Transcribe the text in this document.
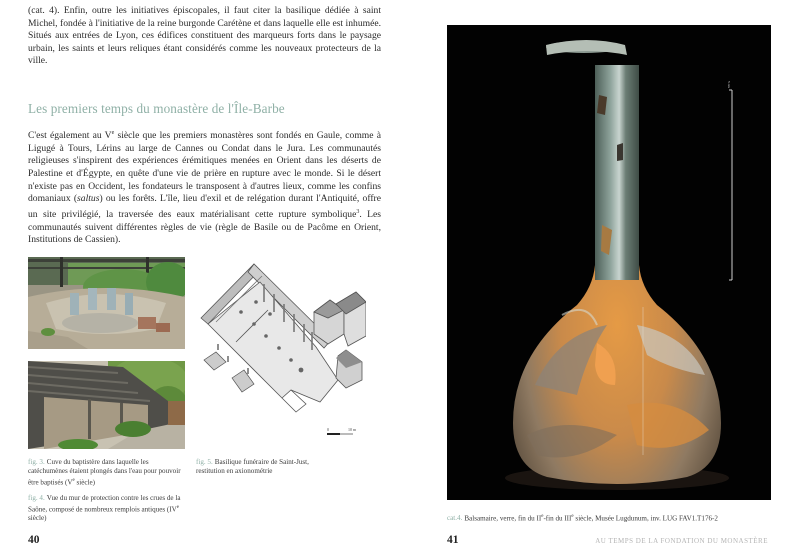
(cat. 4). Enfin, outre les initiatives épiscopales, il faut citer la basilique dédiée à saint Michel, fondée à l'initiative de la reine burgonde Carétène et dans laquelle elle est inhumée. Situés aux entrées de Lyon, ces édifices constituent des marqueurs forts dans le paysage urbain, les saints et leurs reliques étant considérés comme les nouveaux protecteurs de la ville.

Les premiers temps du monastère de l'Île-Barbe

C'est également au Ve siècle que les premiers monastères sont fondés en Gaule, comme à Ligugé à Tours, Lérins au large de Cannes ou Condat dans le Jura. Les communautés religieuses s'inspirent des expériences érémitiques menées en Orient dans les déserts de Palestine et d'Égypte, en quête d'une vie de prière en rupture avec le monde. Si le désert n'existe pas en Occident, les fondateurs le transposent à d'autres lieux, comme les confins domaniaux (saltus) ou les forêts. L'île, lieu d'exil et de relégation durant l'Antiquité, offre un site privilégié, la traversée des eaux matérialisant cette rupture symbolique$^3$. Les communautés suivent différentes règles de vie (règle de Basile ou de Pacôme en Orient, Institutions de Cassien).

0	10 m

fig. 3. Cuve du baptistère dans laquelle les catéchumènes étaient plongés dans l'eau pour pouvoir être baptisés (Ve siècle)

fig. 4. Vue du mur de protection contre les crues de la Saône, composé de nombreux remplois antiques (IVe siècle)

fig. 5. Basilique funéraire de Saint-Just, restitution en axionométrie

40
5 cm

cat.4. Balsamaire, verre, fin du IIe-fin du IIIe siècle, Musée Lugdunum, inv. LUG FAV1.T176-2

41	AU TEMPS DE LA FONDATION DU MONASTÈRE
